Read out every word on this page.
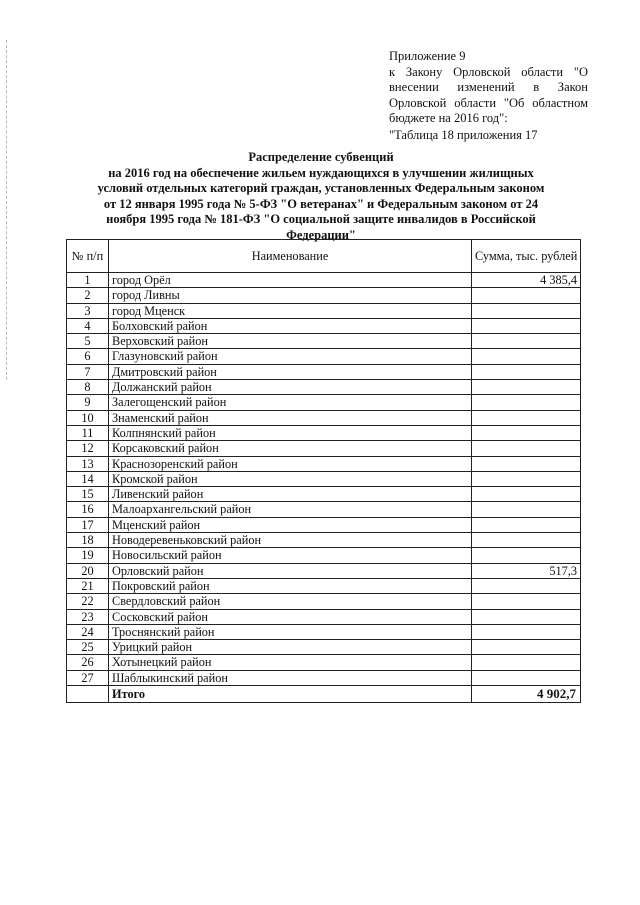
Приложение 9
к Закону Орловской области "О внесении изменений в Закон Орловской области "Об областном бюджете на 2016 год":
"Таблица 18 приложения 17
Распределение субвенций
на 2016 год на обеспечение жильем нуждающихся в улучшении жилищных условий отдельных категорий граждан, установленных Федеральным законом от 12 января 1995 года № 5-ФЗ "О ветеранах" и Федеральным законом от 24 ноября 1995 года № 181-ФЗ "О социальной защите инвалидов в Российской Федерации"
№ п/п	Наименование	Сумма, тыс. рублей
1	город Орёл	4 385,4
2	город Ливны	
3	город Мценск	
4	Болховский район	
5	Верховский район	
6	Глазуновский район	
7	Дмитровский район	
8	Должанский район	
9	Залегощенский район	
10	Знаменский район	
11	Колпнянский район	
12	Корсаковский район	
13	Краснозоренский район	
14	Кромской район	
15	Ливенский район	
16	Малоархангельский район	
17	Мценский район	
18	Новодеревеньковский район	
19	Новосильский район	
20	Орловский район	517,3
21	Покровский район	
22	Свердловский район	
23	Сосковский район	
24	Троснянский район	
25	Урицкий район	
26	Хотынецкий район	
27	Шаблыкинский район	
	Итого	4 902,7
